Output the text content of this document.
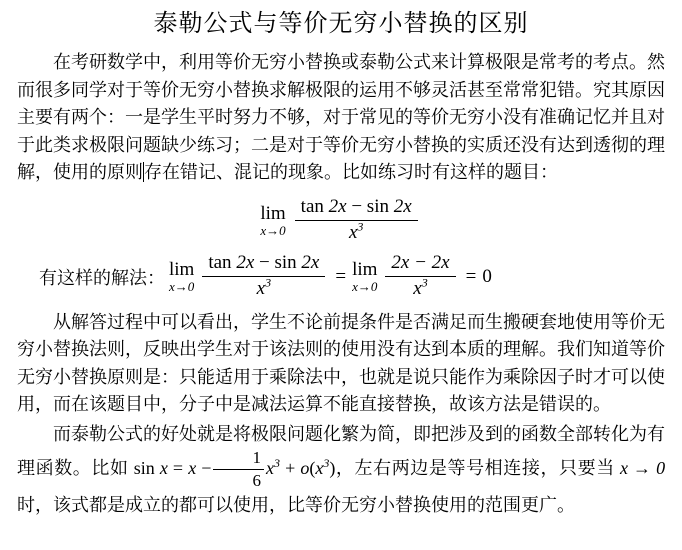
泰勒公式与等价无穷小替换的区别

在考研数学中，利用等价无穷小替换或泰勒公式来计算极限是常考的考点。然而很多同学对于等价无穷小替换求解极限的运用不够灵活甚至常常犯错。究其原因主要有两个：一是学生平时努力不够，对于常见的等价无穷小没有准确记忆并且对于此类求极限问题缺少练习；二是对于等价无穷小替换的实质还没有达到透彻的理解，使用的原则存在错记、混记的现象。比如练习时有这样的题目：

lim
$x\to 0 \frac{\tan 2x - \sin 2x}{x^3}$
有这样的解法： lim
$x\to 0 \frac{\tan 2x - \sin 2x}{x^3} = \lim$
$x\to 0 \frac{2x - 2x}{x^3} = 0$

从解答过程中可以看出，学生不论前提条件是否满足而生搬硬套地使用等价无穷小替换法则，反映出学生对于该法则的使用没有达到本质的理解。我们知道等价无穷小替换原则是：只能适用于乘除法中，也就是说只能作为乘除因子时才可以使用，而在该题目中，分子中是减法运算不能直接替换，故该方法是错误的。

而泰勒公式的好处就是将极限问题化繁为简，即把涉及到的函数全部转化为有理函数。比如 $\sin x = x - \frac{1}{6} x^3 + o(x^3)$，左右两边是等号相连接，只要当 x → 0 时，该式都是成立的都可以使用，比等价无穷小替换使用的范围更广。
